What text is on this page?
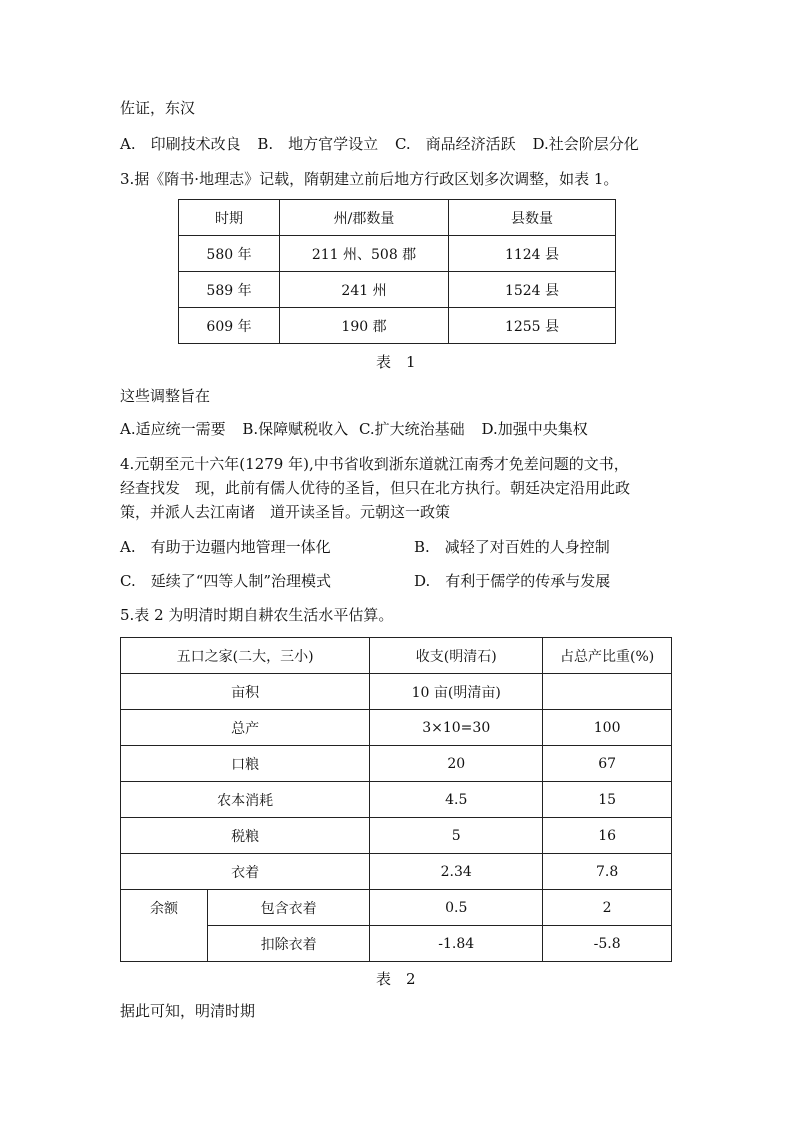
佐证，东汉
A.　印刷技术改良 B.　地方官学设立 C.　商品经济活跃 D.社会阶层分化
3.据《隋书·地理志》记载，隋朝建立前后地方行政区划多次调整，如表 1。
时期	州/郡数量	县数量
580 年	211 州、508 郡	1124 县
589 年	241 州	1524 县
609 年	190 郡	1255 县
表　1
这些调整旨在
A.适应统一需要 B.保障赋税收入 C.扩大统治基础 D.加强中央集权
4.元朝至元十六年(1279 年),中书省收到浙东道就江南秀才免差问题的文书，
经查找发　现，此前有儒人优待的圣旨，但只在北方执行。朝廷决定沿用此政
策，并派人去江南诸　道开读圣旨。元朝这一政策
A.　有助于边疆内地管理一体化	B.　减轻了对百姓的人身控制
C.　延续了“四等人制”治理模式	D.　有利于儒学的传承与发展
5.表 2 为明清时期自耕农生活水平估算。
五口之家(二大，三小)		收支(明清石)	占总产比重(%)
亩积		10 亩(明清亩)	
总产		3×10=30	100
口粮		20	67
农本消耗		4.5	15
税粮		5	16
衣着		2.34	7.8
余额	包含衣着	0.5	2
	扣除衣着	-1.84	-5.8
表　2
据此可知，明清时期
